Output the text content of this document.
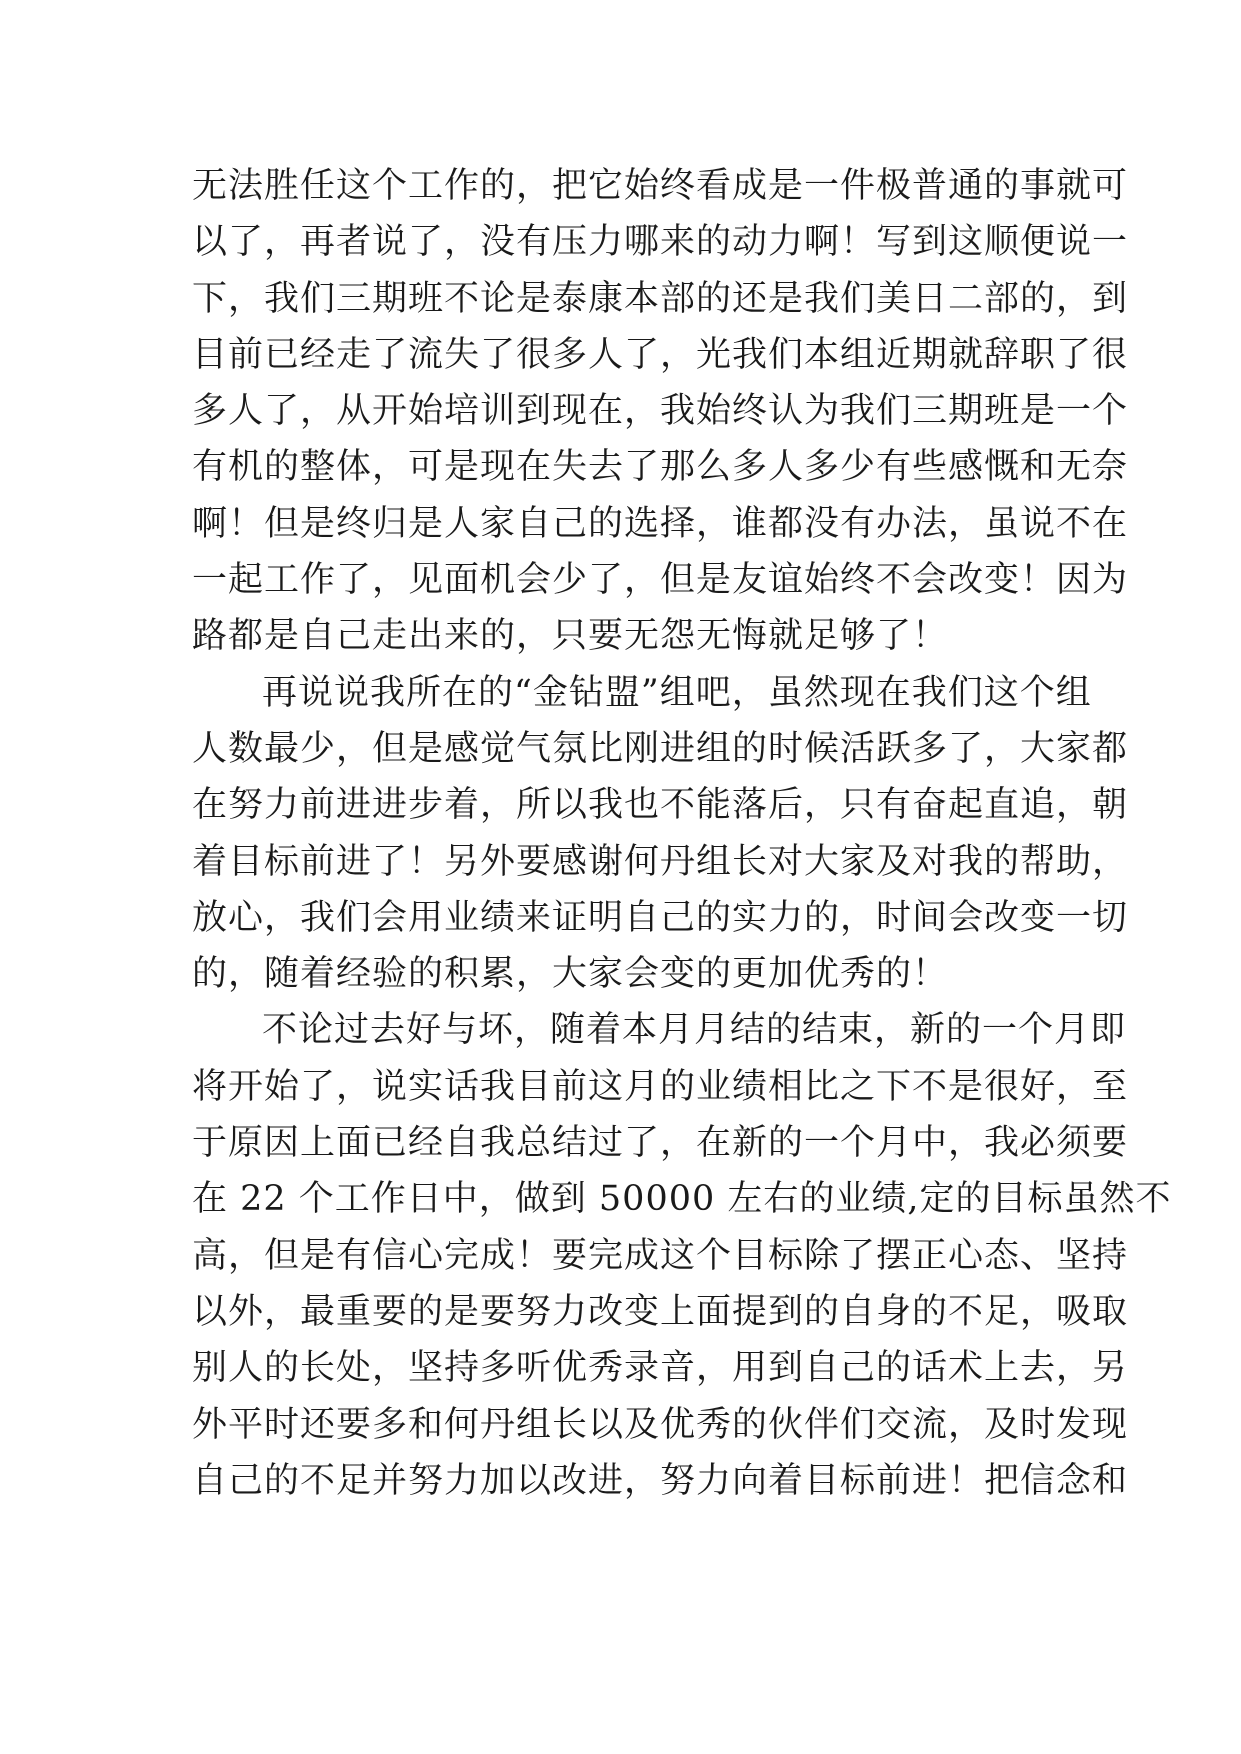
无法胜任这个工作的，把它始终看成是一件极普通的事就可
以了，再者说了，没有压力哪来的动力啊！写到这顺便说一
下，我们三期班不论是泰康本部的还是我们美日二部的，到
目前已经走了流失了很多人了，光我们本组近期就辞职了很
多人了，从开始培训到现在，我始终认为我们三期班是一个
有机的整体，可是现在失去了那么多人多少有些感慨和无奈
啊！但是终归是人家自己的选择，谁都没有办法，虽说不在
一起工作了，见面机会少了，但是友谊始终不会改变！因为
路都是自己走出来的，只要无怨无悔就足够了！
再说说我所在的“金钻盟”组吧，虽然现在我们这个组
人数最少，但是感觉气氛比刚进组的时候活跃多了，大家都
在努力前进进步着，所以我也不能落后，只有奋起直追，朝
着目标前进了！另外要感谢何丹组长对大家及对我的帮助，
放心，我们会用业绩来证明自己的实力的，时间会改变一切
的，随着经验的积累，大家会变的更加优秀的！
不论过去好与坏，随着本月月结的结束，新的一个月即
将开始了，说实话我目前这月的业绩相比之下不是很好，至
于原因上面已经自我总结过了，在新的一个月中，我必须要
在 22 个工作日中，做到 50000 左右的业绩,定的目标虽然不
高，但是有信心完成！要完成这个目标除了摆正心态、坚持
以外，最重要的是要努力改变上面提到的自身的不足，吸取
别人的长处，坚持多听优秀录音，用到自己的话术上去，另
外平时还要多和何丹组长以及优秀的伙伴们交流，及时发现
自己的不足并努力加以改进，努力向着目标前进！把信念和
